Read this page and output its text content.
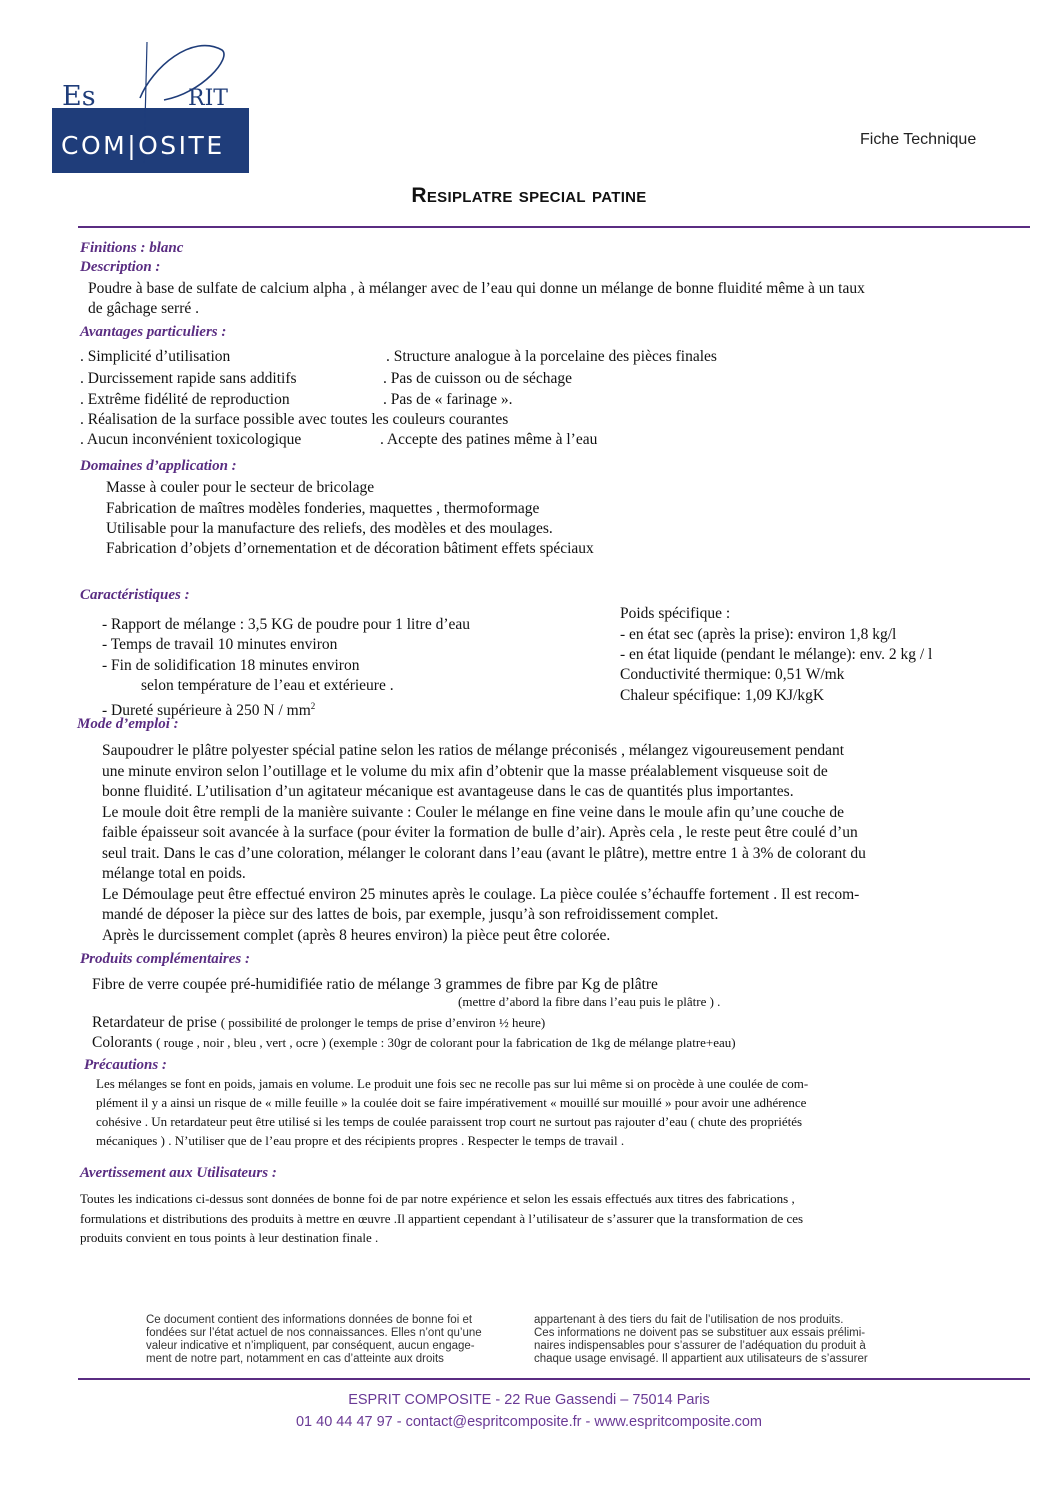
Es	RIT
COM|OSITE	Fiche Technique
Resiplatre special patine
Finitions : blanc
Description :
Poudre à base de sulfate de calcium alpha , à mélanger avec de l’eau qui donne un mélange de bonne fluidité même à un taux
de gâchage serré .
Avantages particuliers :
. Simplicité d’utilisation	. Structure analogue à la porcelaine des pièces finales
. Durcissement rapide sans additifs	. Pas de cuisson ou de séchage
. Extrême fidélité de reproduction	. Pas de « farinage ».
. Réalisation de la surface possible avec toutes les couleurs courantes
. Aucun inconvénient toxicologique	. Accepte des patines même à l’eau
Domaines d’application :
Masse à couler pour le secteur de bricolage
Fabrication de maîtres modèles fonderies, maquettes , thermoformage
Utilisable pour la manufacture des reliefs, des modèles et des moulages.
Fabrication d’objets d’ornementation et de décoration bâtiment effets spéciaux
Caractéristiques :
- Rapport de mélange : 3,5 KG de poudre pour 1 litre d’eau
- Temps de travail 10 minutes environ
- Fin de solidification 18 minutes environ
selon température de l’eau et extérieure .
- Dureté supérieure à 250 N / $mm^2$
Poids spécifique :
- en état sec (après la prise): environ 1,8 kg/l
- en état liquide (pendant le mélange): env. 2 kg / l
Conductivité thermique: 0,51 W/mk
Chaleur spécifique: 1,09 KJ/kgK
Mode d’emploi :
Saupoudrer le plâtre polyester spécial patine selon les ratios de mélange préconisés , mélangez vigoureusement pendant
une minute environ selon l’outillage et le volume du mix afin d’obtenir que la masse préalablement visqueuse soit de
bonne fluidité. L’utilisation d’un agitateur mécanique est avantageuse dans le cas de quantités plus importantes.
Le moule doit être rempli de la manière suivante : Couler le mélange en fine veine dans le moule afin qu’une couche de
faible épaisseur soit avancée à la surface (pour éviter la formation de bulle d’air). Après cela , le reste peut être coulé d’un
seul trait. Dans le cas d’une coloration, mélanger le colorant dans l’eau (avant le plâtre), mettre entre 1 à 3% de colorant du
mélange total en poids.
Le Démoulage peut être effectué environ 25 minutes après le coulage. La pièce coulée s’échauffe fortement . Il est recom-
mandé de déposer la pièce sur des lattes de bois, par exemple, jusqu’à son refroidissement complet.
Après le durcissement complet (après 8 heures environ) la pièce peut être colorée.
Produits complémentaires :
Fibre de verre coupée pré-humidifiée ratio de mélange 3 grammes de fibre par Kg de plâtre
(mettre d’abord la fibre dans l’eau puis le plâtre ) .
Retardateur de prise ( possibilité de prolonger le temps de prise d’environ ½ heure)
Colorants ( rouge , noir , bleu , vert , ocre ) (exemple : 30gr de colorant pour la fabrication de 1kg de mélange platre+eau)
Précautions :
Les mélanges se font en poids, jamais en volume. Le produit une fois sec ne recolle pas sur lui même si on procède à une coulée de com-
plément il y a ainsi un risque de « mille feuille » la coulée doit se faire impérativement « mouillé sur mouillé » pour avoir une adhérence
cohésive . Un retardateur peut être utilisé si les temps de coulée paraissent trop court ne surtout pas rajouter d’eau ( chute des propriétés
mécaniques ) . N’utiliser que de l’eau propre et des récipients propres . Respecter le temps de travail .
Avertissement aux Utilisateurs :
Toutes les indications ci-dessus sont données de bonne foi de par notre expérience et selon les essais effectués aux titres des fabrications ,
formulations et distributions des produits à mettre en œuvre .Il appartient cependant à l’utilisateur de s’assurer que la transformation de ces
produits convient en tous points à leur destination finale .
Ce document contient des informations données de bonne foi et
fondées sur l’état actuel de nos connaissances. Elles n’ont qu’une
valeur indicative et n’impliquent, par conséquent, aucun engage-
ment de notre part, notamment en cas d’atteinte aux droits
appartenant à des tiers du fait de l’utilisation de nos produits.
Ces informations ne doivent pas se substituer aux essais prélimi-
naires indispensables pour s’assurer de l’adéquation du produit à
chaque usage envisagé. Il appartient aux utilisateurs de s’assurer
ESPRIT COMPOSITE - 22 Rue Gassendi – 75014 Paris
01 40 44 47 97 - contact@espritcomposite.fr - www.espritcomposite.com
